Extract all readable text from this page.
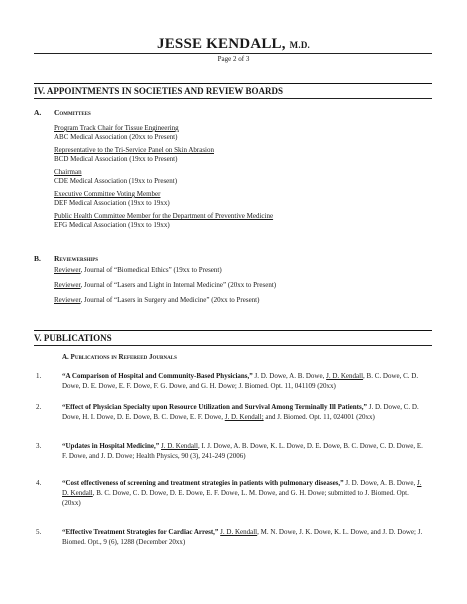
JESSE KENDALL, M.D.
Page 2 of 3
IV. APPOINTMENTS IN SOCIETIES AND REVIEW BOARDS
A. Committees
Program Track Chair for Tissue Engineering
ABC Medical Association (20xx to Present)
Representative to the Tri-Service Panel on Skin Abrasion
BCD Medical Association (19xx to Present)
Chairman
CDE Medical Association (19xx to Present)
Executive Committee Voting Member
DEF Medical Association (19xx to 19xx)
Public Health Committee Member for the Department of Preventive Medicine
EFG Medical Association (19xx to 19xx)
B. Reviewerships
Reviewer, Journal of “Biomedical Ethics” (19xx to Present)
Reviewer, Journal of “Lasers and Light in Internal Medicine” (20xx to Present)
Reviewer, Journal of “Lasers in Surgery and Medicine” (20xx to Present)
V. PUBLICATIONS
A. Publications in Refereed Journals
1.	“A Comparison of Hospital and Community-Based Physicians,” J. D. Dowe, A. B. Dowe, J. D. Kendall, B. C. Dowe, C. D. Dowe, D. E. Dowe, E. F. Dowe, F. G. Dowe, and G. H. Dowe; J. Biomed. Opt. 11, 041109 (20xx)
2.	“Effect of Physician Specialty upon Resource Utilization and Survival Among Terminally Ill Patients,” J. D. Dowe, C. D. Dowe, H. I. Dowe, D. E. Dowe, B. C. Dowe, E. F. Dowe, J. D. Kendall; and J. Biomed. Opt. 11, 024001 (20xx)
3.	“Updates in Hospital Medicine,” J. D. Kendall, I. J. Dowe, A. B. Dowe, K. L. Dowe, D. E. Dowe, B. C. Dowe, C. D. Dowe, E. F. Dowe, and J. D. Dowe; Health Physics, 90 (3), 241-249 (2006)
4.	“Cost effectiveness of screening and treatment strategies in patients with pulmonary diseases,” J. D. Dowe, A. B. Dowe, J. D. Kendall, B. C. Dowe, C. D. Dowe, D. E. Dowe, E. F. Dowe, L. M. Dowe, and G. H. Dowe; submitted to J. Biomed. Opt. (20xx)
5.	“Effective Treatment Strategies for Cardiac Arrest,” J. D. Kendall, M. N. Dowe, J. K. Dowe, K. L. Dowe, and J. D. Dowe; J. Biomed. Opt., 9 (6), 1288 (December 20xx)
